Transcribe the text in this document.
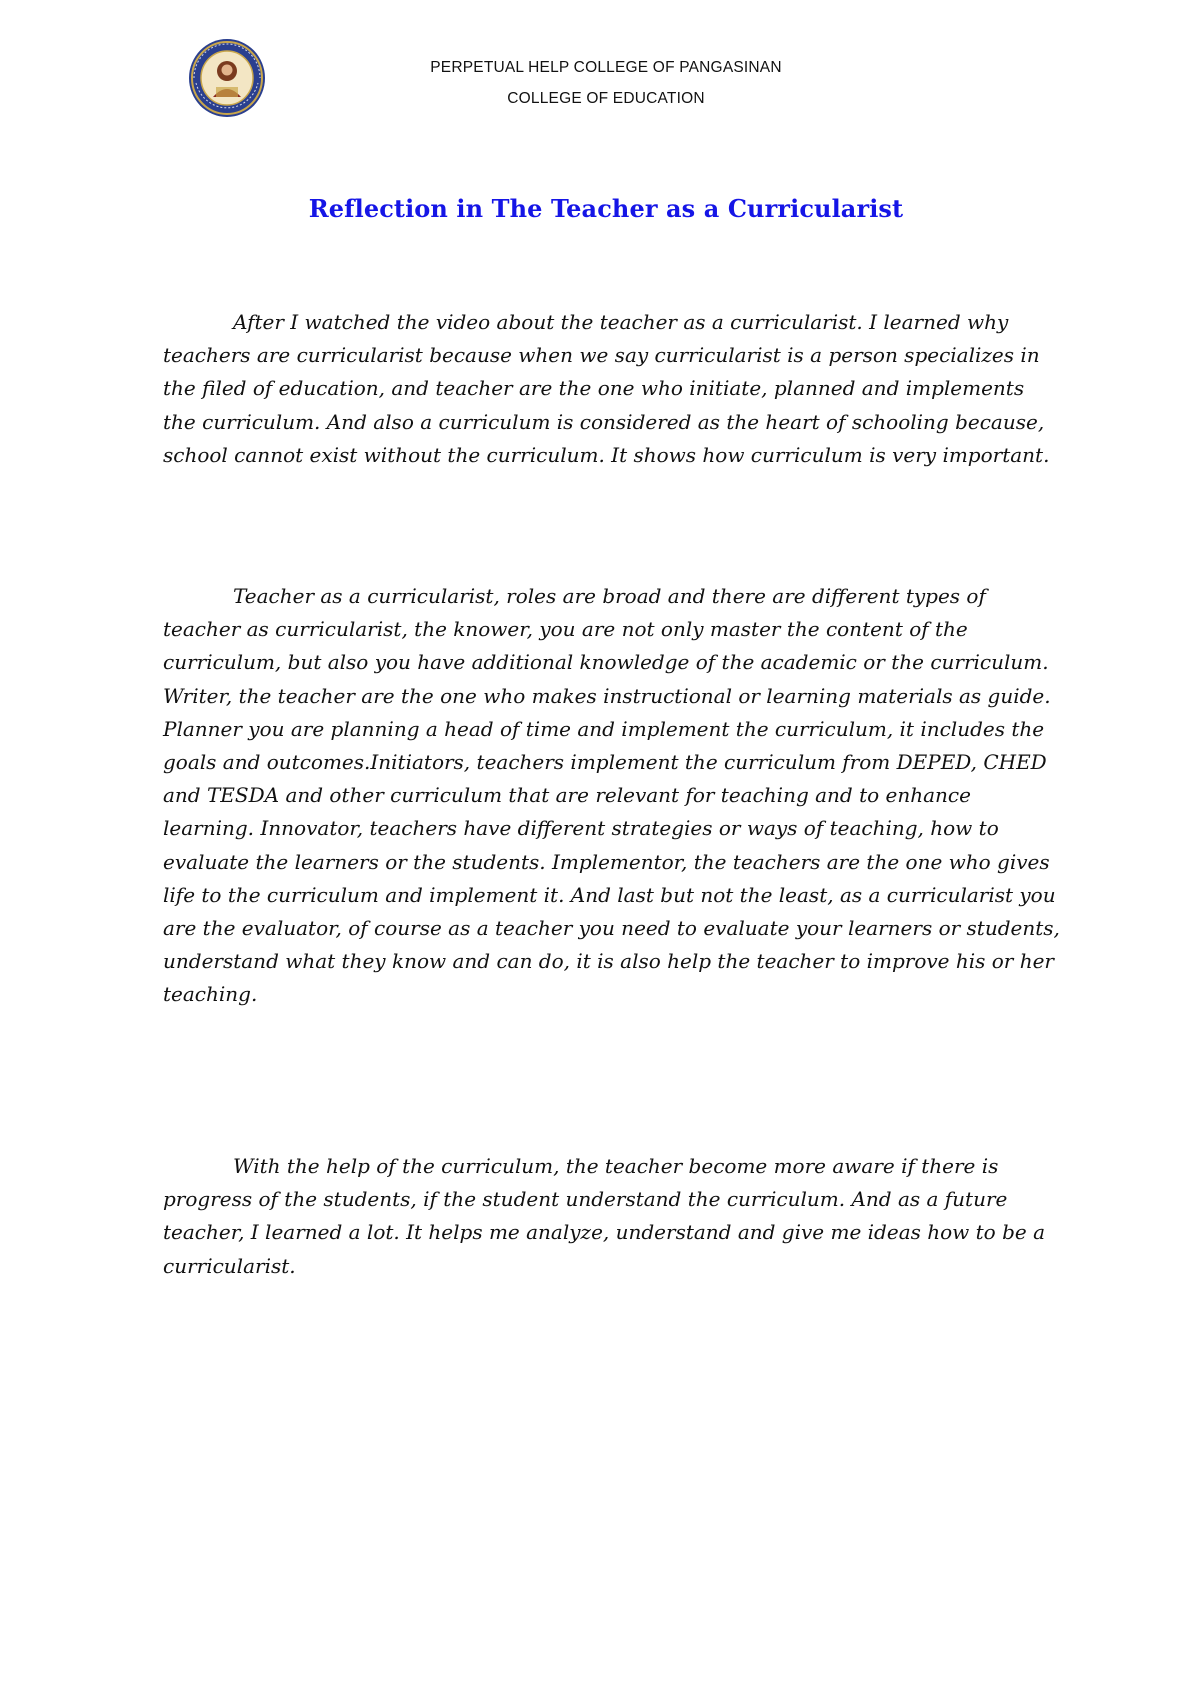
PERPETUAL HELP COLLEGE OF PANGASINAN
COLLEGE OF EDUCATION
Reflection in The Teacher as a Curricularist

After I watched the video about the teacher as a curricularist. I learned why teachers are curricularist because when we say curricularist is a person specializes in the filed of education, and teacher are the one who initiate, planned and implements the curriculum. And also a curriculum is considered as the heart of schooling because, school cannot exist without the curriculum. It shows how curriculum is very important.

Teacher as a curricularist, roles are broad and there are different types of teacher as curricularist, the knower, you are not only master the content of the curriculum, but also you have additional knowledge of the academic or the curriculum. Writer, the teacher are the one who makes instructional or learning materials as guide. Planner you are planning a head of time and implement the curriculum, it includes the goals and outcomes.Initiators, teachers implement the curriculum from DEPED, CHED and TESDA and other curriculum that are relevant for teaching and to enhance learning. Innovator, teachers have different strategies or ways of teaching, how to evaluate the learners or the students. Implementor, the teachers are the one who gives life to the curriculum and implement it. And last but not the least, as a curricularist you are the evaluator, of course as a teacher you need to evaluate your learners or students, understand what they know and can do, it is also help the teacher to improve his or her teaching.

With the help of the curriculum, the teacher become more aware if there is progress of the students, if the student understand the curriculum. And as a future teacher, I learned a lot. It helps me analyze, understand and give me ideas how to be a curricularist.
